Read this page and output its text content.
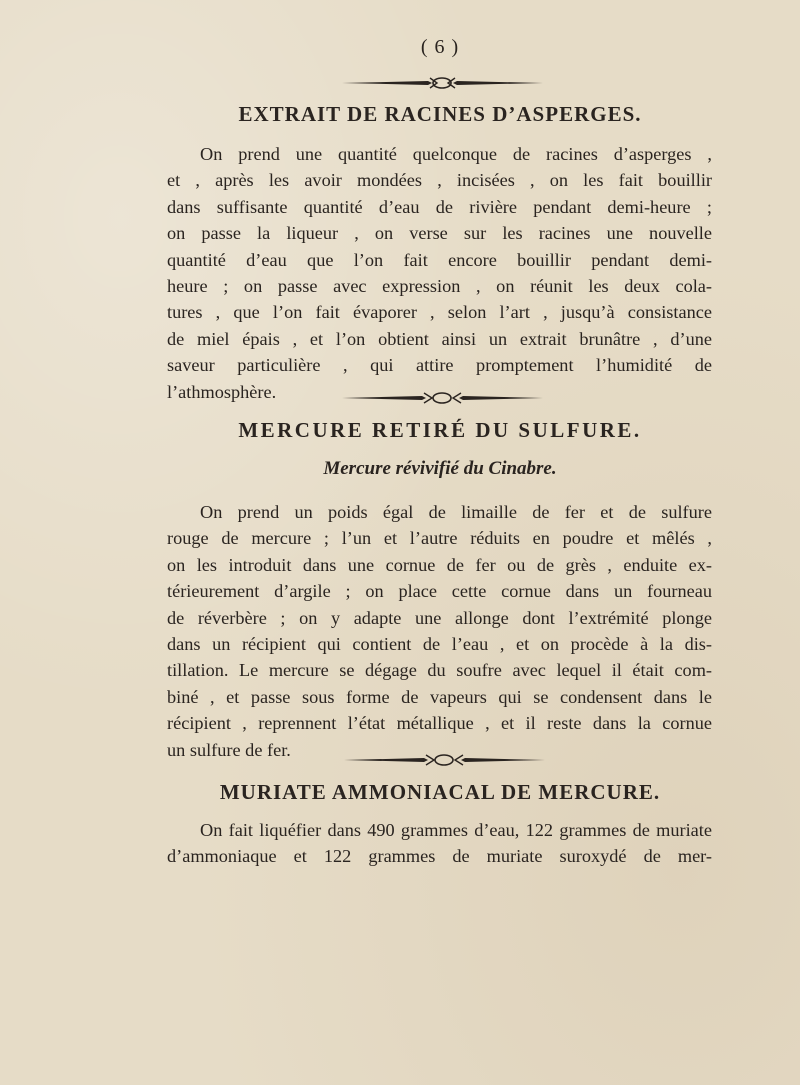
( 6 )
EXTRAIT DE RACINES D’ASPERGES.
On prend une quantité quelconque de racines d’asperges ,
et , après les avoir mondées , incisées , on les fait bouillir
dans suffisante quantité d’eau de rivière pendant demi-heure ;
on passe la liqueur , on verse sur les racines une nouvelle
quantité d’eau que l’on fait encore bouillir pendant demi-
heure ; on passe avec expression , on réunit les deux cola-
tures , que l’on fait évaporer , selon l’art , jusqu’à consistance
de miel épais , et l’on obtient ainsi un extrait brunâtre , d’une
saveur particulière , qui attire promptement l’humidité de
l’athmosphère.
MERCURE RETIRÉ DU SULFURE.
Mercure révivifié du Cinabre.
On prend un poids égal de limaille de fer et de sulfure
rouge de mercure ; l’un et l’autre réduits en poudre et mêlés ,
on les introduit dans une cornue de fer ou de grès , enduite ex-
térieurement d’argile ; on place cette cornue dans un fourneau
de réverbère ; on y adapte une allonge dont l’extrémité plonge
dans un récipient qui contient de l’eau , et on procède à la dis-
tillation. Le mercure se dégage du soufre avec lequel il était com-
biné , et passe sous forme de vapeurs qui se condensent dans le
récipient , reprennent l’état métallique , et il reste dans la cornue
un sulfure de fer.
MURIATE AMMONIACAL DE MERCURE.
On fait liquéfier dans 490 grammes d’eau, 122 grammes de muriate
d’ammoniaque et 122 grammes de muriate suroxydé de mer-
